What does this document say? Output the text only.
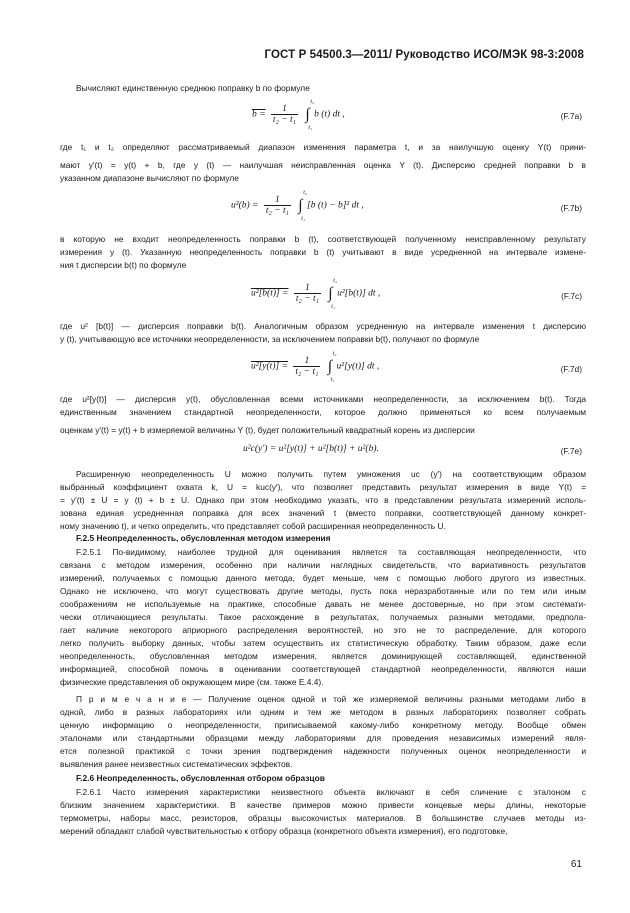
ГОСТ Р 54500.3—2011/ Руководство ИСО/МЭК 98-3:2008
Вычисляют единственную среднюю поправку b по формуле
где t₁ и t₂ определяют рассматриваемый диапазон изменения параметра t, и за наилучшую оценку Y(t) прини-
мают y′(t) = y(t) + b, где y (t) — наилучшая неисправленная оценка Y (t). Дисперсию средней поправки b в
указанном диапазоне вычисляют по формуле
в которую не входит неопределенность поправки b (t), соответствующей полученному неисправленному результату
измерения y (t). Указанную неопределенность поправки b (t) учитывают в виде усредненной на интервале измене-
ния t дисперсии b(t) по формуле
где u² [b(t)] — дисперсия поправки b(t). Аналогичным образом усредненную на интервале изменения t дисперсию
y (t), учитывающую все источники неопределенности, за исключением поправки b(t), получают по формуле
где u²[y(t)] — дисперсия y(t), обусловленная всеми источниками неопределенности, за исключением b(t). Тогда
единственным значением стандартной неопределенности, которое должно применяться ко всем получаемым
оценкам y′(t) = y(t) + b измеряемой величины Y (t), будет положительный квадратный корень из дисперсии
Расширенную неопределенность U можно получить путем умножения uc (y′) на соответствующим образом
выбранный коэффициент охвата k, U = kuc(y′), что позволяет представить результат измерения в виде Y(t) =
= y′(t) ± U = y (t) + b ± U. Однако при этом необходимо указать, что в представлении результата измерений исполь-
зована единая усредненная поправка для всех значений t (вместо поправки, соответствующей данному конкрет-
ному значению t), и четко определить, что представляет собой расширенная неопределенность U.
F.2.5.1 По-видимому, наиболее трудной для оценивания является та составляющая неопределенности, что
связана с методом измерения, особенно при наличии наглядных свидетельств, что вариативность результатов
измерений, получаемых с помощью данного метода, будет меньше, чем с помощью любого другого из известных.
Однако не исключено, что могут существовать другие методы, пусть пока неразработанные или по тем или иным
соображениям не используемые на практике, способные давать не менее достоверные, но при этом системати-
чески отличающиеся результаты. Такое расхождение в результатах, получаемых разными методами, предпола-
гает наличие некоторого априорного распределения вероятностей, но это не то распределение, для которого
легко получить выборку данных, чтобы затем осуществить их статистическую обработку. Таким образом, даже если
неопределенность, обусловленная методом измерения, является доминирующей составляющей, единственной
информацией, способной помочь в оценивании соответствующей стандартной неопределенности, являются наши
физические представления об окружающем мире (см. также Е.4.4).
П р и м е ч а н и е — Получение оценок одной и той же измеряемой величины разными методами либо в
одной, либо в разных лабораториях или одним и тем же методом в разных лабораториях позволяет собрать
ценную информацию о неопределенности, приписываемой какому-либо конкретному методу. Вообще обмен
эталонами или стандартными образцами между лабораториями для проведения независимых измерений явля-
ется полезной практикой с точки зрения подтверждения надежности полученных оценок неопределенности и
выявления ранее неизвестных систематических эффектов.
F.2.6.1 Часто измерения характеристики неизвестного объекта включают в себя сличение с эталоном с
близким значением характеристики. В качестве примеров можно привести концевые меры длины, некоторые
термометры, наборы масс, резисторов, образцы высокочистых материалов. В большинстве случаев методы из-
мерений обладают слабой чувствительностью к отбору образца (конкретного объекта измерения), его подготовке,
F.2.5 Неопределенность, обусловленная методом измерения
F.2.6 Неопределенность, обусловленная отбором образцов
$b = \frac{1}{\text{t₂ − t₁}}$ ∫
t₂
t₁
b (t) dt ,	(F.7a)
$u^2(b) = \frac{1}{\text{t₂ − t₁}}$ ∫
t₂
t₁
[b (t) − b]² dt ,	(F.7b)
$u^2[b(t)] = \frac{1}{\text{t₂ − t₁}}$ ∫
t₂
t₁
u²[b(t)] dt ,	(F.7c)
$u^2[y(t)] = \frac{1}{\text{t₂ − t₁}}$ ∫
t₂
t₁
u²[y(t)] dt ,	(F.7d)
u²c(y′) = u²[y(t)] + u²[b(t)] + u²(b).	(F.7e)
61
